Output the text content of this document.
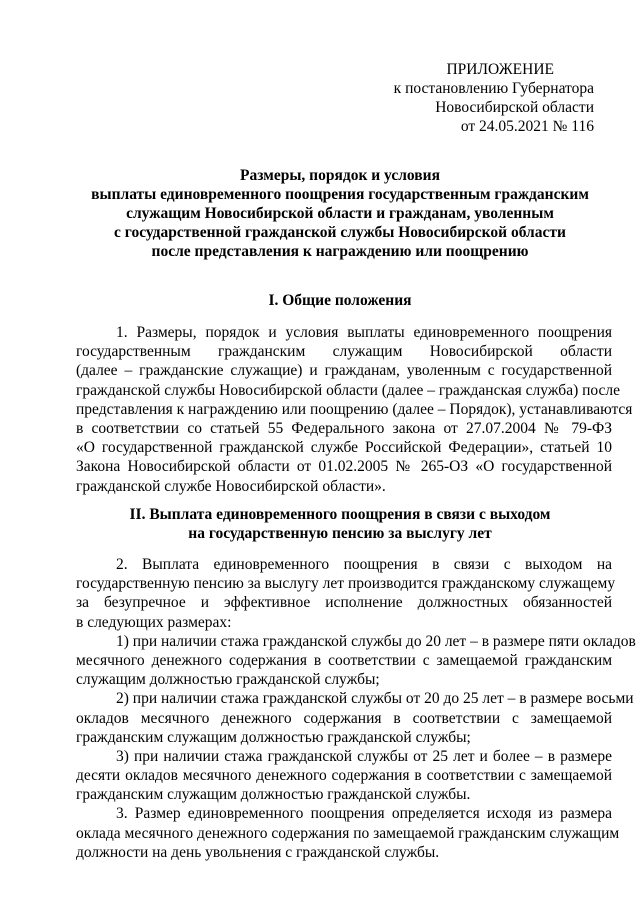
ПРИЛОЖЕНИЕ
к постановлению Губернатора
Новосибирской области
от 24.05.2021 № 116
Размеры, порядок и условия
выплаты единовременного поощрения государственным гражданским
служащим Новосибирской области и гражданам, уволенным
с государственной гражданской службы Новосибирской области
после представления к награждению или поощрению
I. Общие положения
1. Размеры, порядок и условия выплаты единовременного поощрения
государственным гражданским служащим Новосибирской области
(далее – гражданские служащие) и гражданам, уволенным с государственной
гражданской службы Новосибирской области (далее – гражданская служба) после
представления к награждению или поощрению (далее – Порядок), устанавливаются
в соответствии со статьей 55 Федерального закона от 27.07.2004 № 79-ФЗ
«О государственной гражданской службе Российской Федерации», статьей 10
Закона Новосибирской области от 01.02.2005 № 265-ОЗ «О государственной
гражданской службе Новосибирской области».
II. Выплата единовременного поощрения в связи с выходом
на государственную пенсию за выслугу лет
2. Выплата единовременного поощрения в связи с выходом на
государственную пенсию за выслугу лет производится гражданскому служащему
за безупречное и эффективное исполнение должностных обязанностей
в следующих размерах:
1) при наличии стажа гражданской службы до 20 лет – в размере пяти окладов
месячного денежного содержания в соответствии с замещаемой гражданским
служащим должностью гражданской службы;
2) при наличии стажа гражданской службы от 20 до 25 лет – в размере восьми
окладов месячного денежного содержания в соответствии с замещаемой
гражданским служащим должностью гражданской службы;
3) при наличии стажа гражданской службы от 25 лет и более – в размере
десяти окладов месячного денежного содержания в соответствии с замещаемой
гражданским служащим должностью гражданской службы.
3. Размер единовременного поощрения определяется исходя из размера
оклада месячного денежного содержания по замещаемой гражданским служащим
должности на день увольнения с гражданской службы.
